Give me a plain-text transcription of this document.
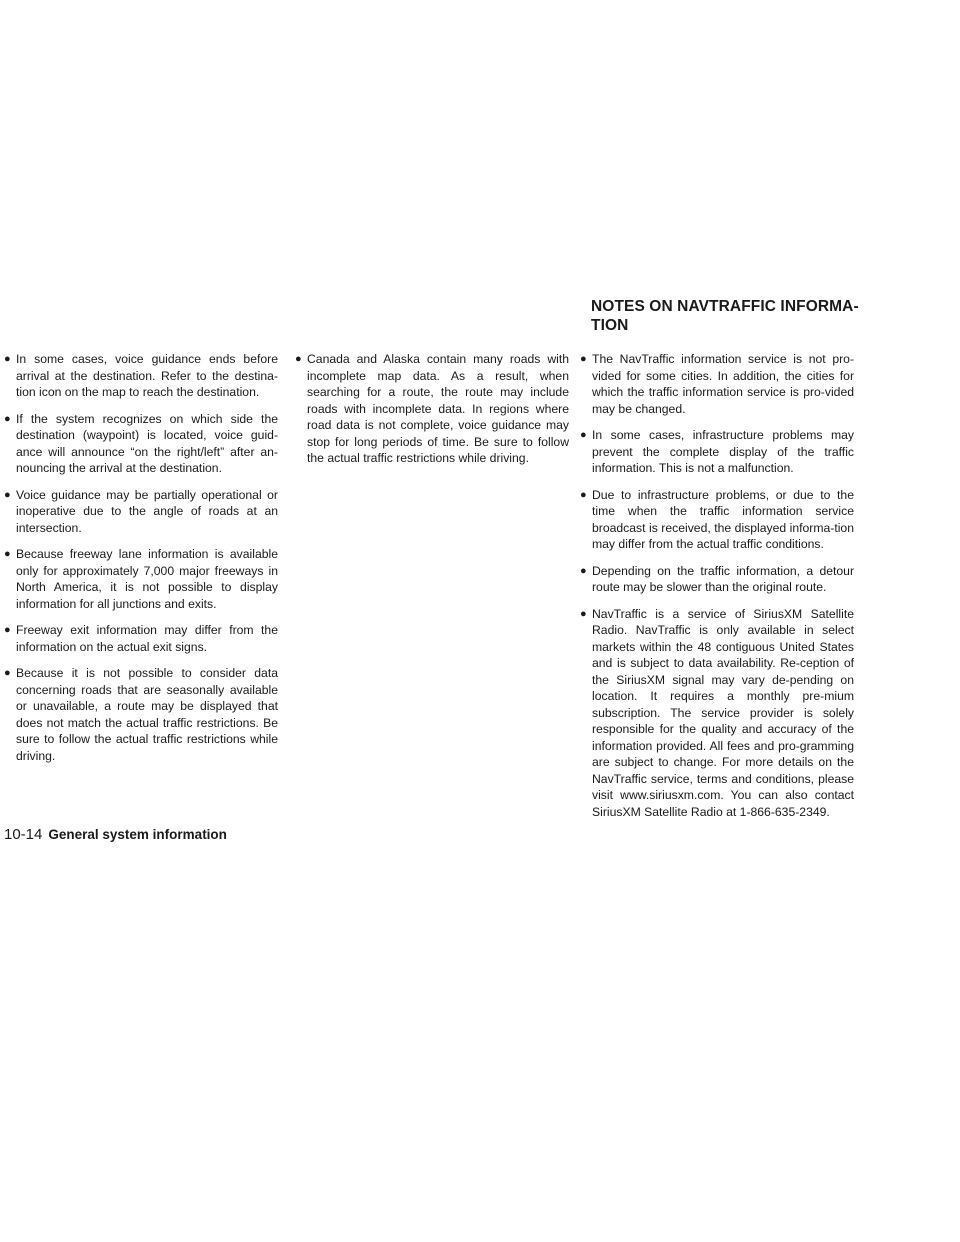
NOTES ON NAVTRAFFIC INFORMA-
TION
● In some cases, voice guidance ends before arrival at the destination. Refer to the destina-tion icon on the map to reach the destination.
● If the system recognizes on which side the destination (waypoint) is located, voice guid-ance will announce “on the right/left” after an-nouncing the arrival at the destination.
● Voice guidance may be partially operational or inoperative due to the angle of roads at an intersection.
● Because freeway lane information is available only for approximately 7,000 major freeways in North America, it is not possible to display information for all junctions and exits.
● Freeway exit information may differ from the information on the actual exit signs.
● Because it is not possible to consider data concerning roads that are seasonally available or unavailable, a route may be displayed that does not match the actual traffic restrictions. Be sure to follow the actual traffic restrictions while driving.
● Canada and Alaska contain many roads with incomplete map data. As a result, when searching for a route, the route may include roads with incomplete data. In regions where road data is not complete, voice guidance may stop for long periods of time. Be sure to follow the actual traffic restrictions while driving.
● The NavTraffic information service is not pro-vided for some cities. In addition, the cities for which the traffic information service is pro-vided may be changed.
● In some cases, infrastructure problems may prevent the complete display of the traffic information. This is not a malfunction.
● Due to infrastructure problems, or due to the time when the traffic information service broadcast is received, the displayed informa-tion may differ from the actual traffic conditions.
● Depending on the traffic information, a detour route may be slower than the original route.
● NavTraffic is a service of SiriusXM Satellite Radio. NavTraffic is only available in select markets within the 48 contiguous United States and is subject to data availability. Re-ception of the SiriusXM signal may vary de-pending on location. It requires a monthly pre-mium subscription. The service provider is solely responsible for the quality and accuracy of the information provided. All fees and pro-gramming are subject to change. For more details on the NavTraffic service, terms and conditions, please visit www.siriusxm.com. You can also contact SiriusXM Satellite Radio at 1-866-635-2349.
10-14 General system information
